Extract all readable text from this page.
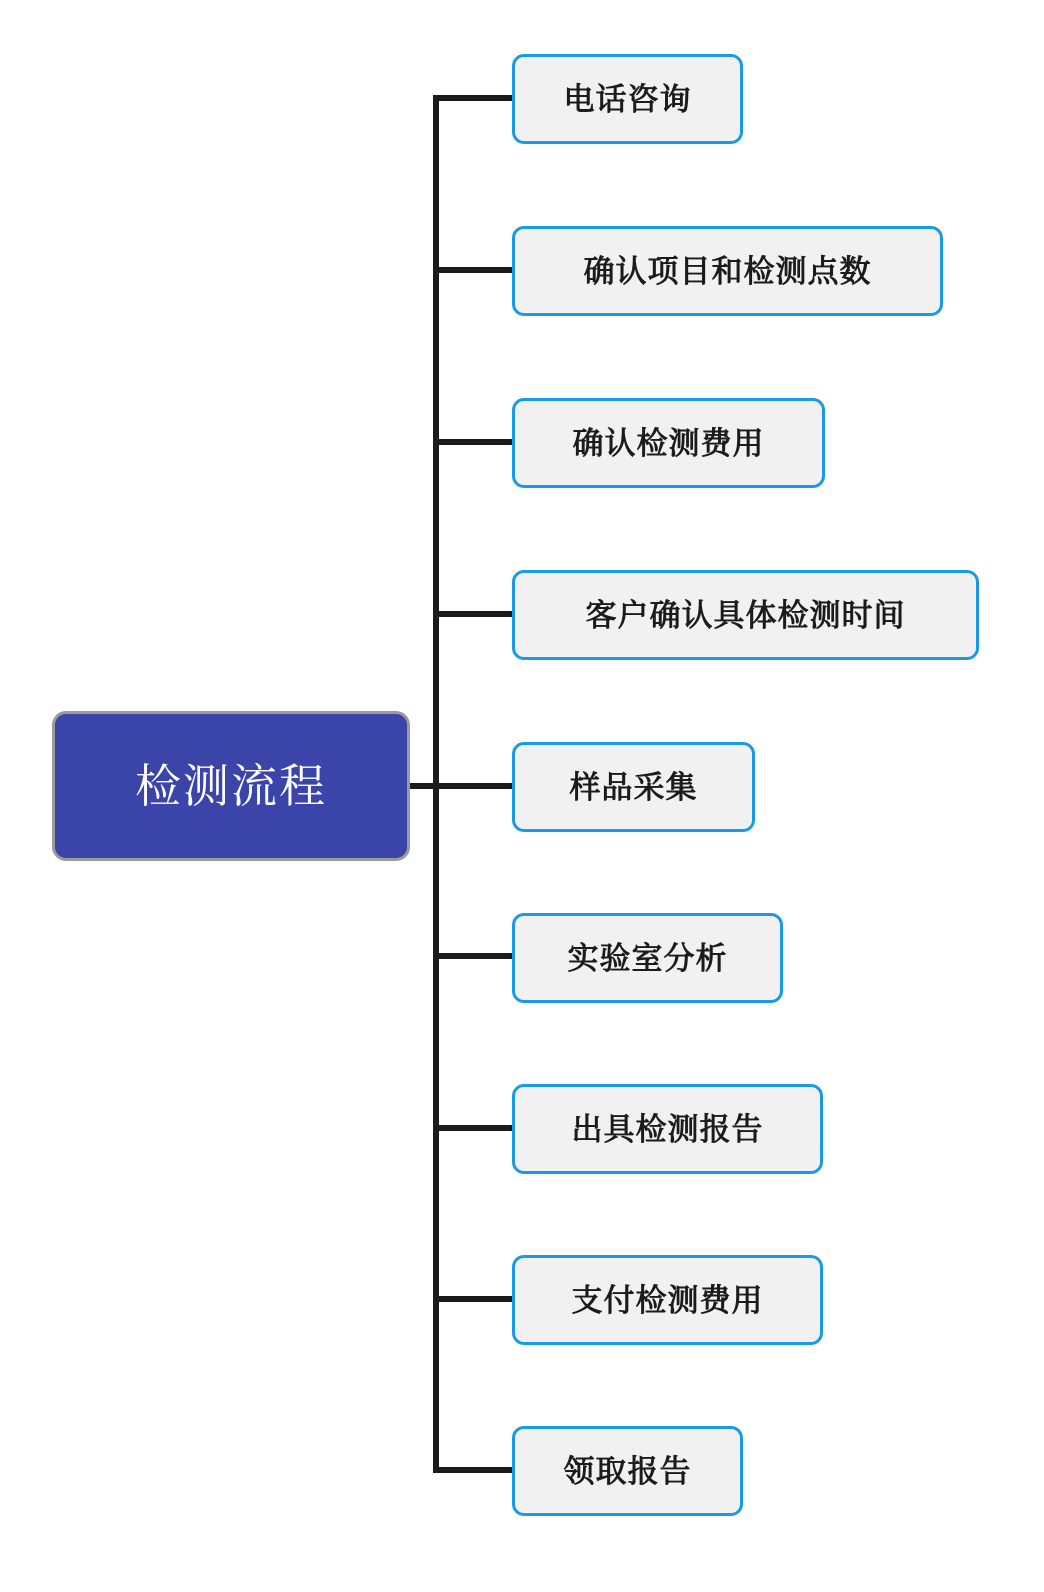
检测流程
电话咨询
确认项目和检测点数
确认检测费用
客户确认具体检测时间
样品采集
实验室分析
出具检测报告
支付检测费用
领取报告
